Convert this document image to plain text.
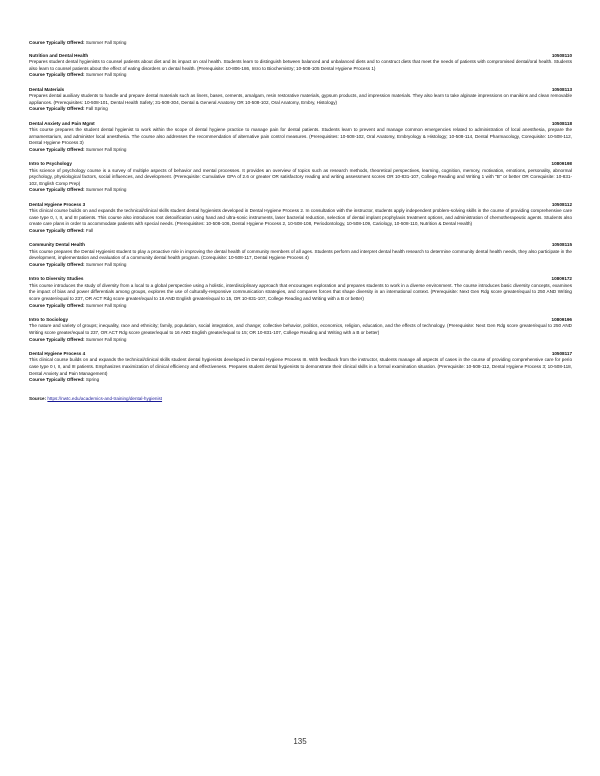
Course Typically Offered: Summer Fall Spring
Nutrition and Dental Health	10508110
Prepares student dental hygienists to counsel patients about diet and its impact on oral health. Students learn to distinguish between balanced and unbalanced diets and to construct diets that meet the needs of patients with compromised dental/oral health. Students also learn to counsel patients about the effect of eating disorders on dental health. (Prerequisite: 10-806-186, Intro to Biochemistry; 10-508-105 Dental Hygiene Process 1)
Course Typically Offered: Summer Fall Spring
Dental Materials	10508113
Prepares dental auxiliary students to handle and prepare dental materials such as liners, bases, cements, amalgam, resin restorative materials, gypsum products, and impression materials. They also learn to take alginate impressions on manikins and clean removable appliances. (Prerequisites: 10-508-101, Dental Health Safety; 31-508-304, Dental & General Anatomy OR 10-508-102, Oral Anatomy, Embry, Histology)
Course Typically Offered: Fall Spring
Dental Anxiety and Pain Mgmt	10508118
This course prepares the student dental hygienist to work within the scope of dental hygiene practice to manage pain for dental patients. Students learn to prevent and manage common emergencies related to administration of local anesthesia, prepare the armamentarium, and administer local anesthesia. The course also addresses the recommendation of alternative pain control measures. (Prerequisites: 10-508-102, Oral Anatomy, Embryology & Histology; 10-508-114, Dental Pharmacology, Corequisite: 10-508-112, Dental Hygiene Process 3)
Course Typically Offered: Summer Fall Spring
Intro to Psychology	10809198
This science of psychology course is a survey of multiple aspects of behavior and mental processes. It provides an overview of topics such as research methods, theoretical perspectives, learning, cognition, memory, motivation, emotions, personality, abnormal psychology, physiological factors, social influences, and development. (Prerequisite: Cumulative GPA of 2.6 or greater OR satisfactory reading and writing assessment scores OR 10-831-107, College Reading and Writing 1 with "B" or better OR Corequisite: 10-831-102, English Comp Prep)
Course Typically Offered: Summer Fall Spring
Dental Hygiene Process 3	10508112
This clinical course builds on and expands the technical/clinical skills student dental hygienists developed in Dental Hygiene Process 2. In consultation with the instructor, students apply independent problem-solving skills in the course of providing comprehensive care case type 0, I, II, and III patients. This course also introduces root detoxification using hand and ultra-sonic instruments, laser bacterial reduction, selection of dental implant prophylaxis treatment options, and administration of chemotherapeutic agents. Students also create care plans in order to accommodate patients with special needs. (Prerequisites: 10-508-106, Dental Hygiene Process 2, 10-508-108, Periodontology, 10-508-109, Cariology, 10-508-110, Nutrition & Dental Health)
Course Typically Offered: Fall
Community Dental Health	10508115
This course prepares the Dental Hygienist student to play a proactive role in improving the dental health of community members of all ages. Students perform and interpret dental health research to determine community dental health needs, they also participate in the development, implementation and evaluation of a community dental health program. (Corequisite: 10-508-117, Dental Hygiene Process 4)
Course Typically Offered: Summer Fall Spring
Intro to Diversity Studies	10809172
This course introduces the study of diversity from a local to a global perspective using a holistic, interdisciplinary approach that encourages exploration and prepares students to work in a diverse environment. The course introduces basic diversity concepts, examines the impact of bias and power differentials among groups, explores the use of culturally-responsive communication strategies, and compares forces that shape diversity in an international context. (Prerequisite: Next Gen Rdg score greater/equal to 250 AND Writing score greater/equal to 237, OR ACT Rdg score greater/equal to 16 AND English greater/equal to 15, OR 10-831-107, College Reading and Writing with a B or better)
Course Typically Offered: Summer Fall Spring
Intro to Sociology	10809196
The nature and variety of groups; inequality, race and ethnicity; family, population, social integration, and change; collective behavior, politics, economics, religion, education, and the effects of technology. (Prerequisite: Next Gen Rdg score greater/equal to 250 AND Writing score greater/equal to 237, OR ACT Rdg score greater/equal to 16 AND English greater/equal to 15; OR 10-831-107, College Reading and Writing with a B or better)
Course Typically Offered: Summer Fall Spring
Dental Hygiene Process 4	10508117
This clinical course builds on and expands the technical/clinical skills student dental hygienists developed in Dental Hygiene Process III. With feedback from the instructor, students manage all aspects of cases in the course of providing comprehensive care for perio case type 0 I, II, and III patients. Emphasizes maximization of clinical efficiency and effectiveness. Prepares student dental hygienists to demonstrate their clinical skills in a formal examination situation. (Prerequisite: 10-508-112, Dental Hygiene Process 3; 10-508-118, Dental Anxiety and Pain Management)
Course Typically Offered: Spring
Source: https://nwtc.edu/academics-and-training/dental-hygienist
135
